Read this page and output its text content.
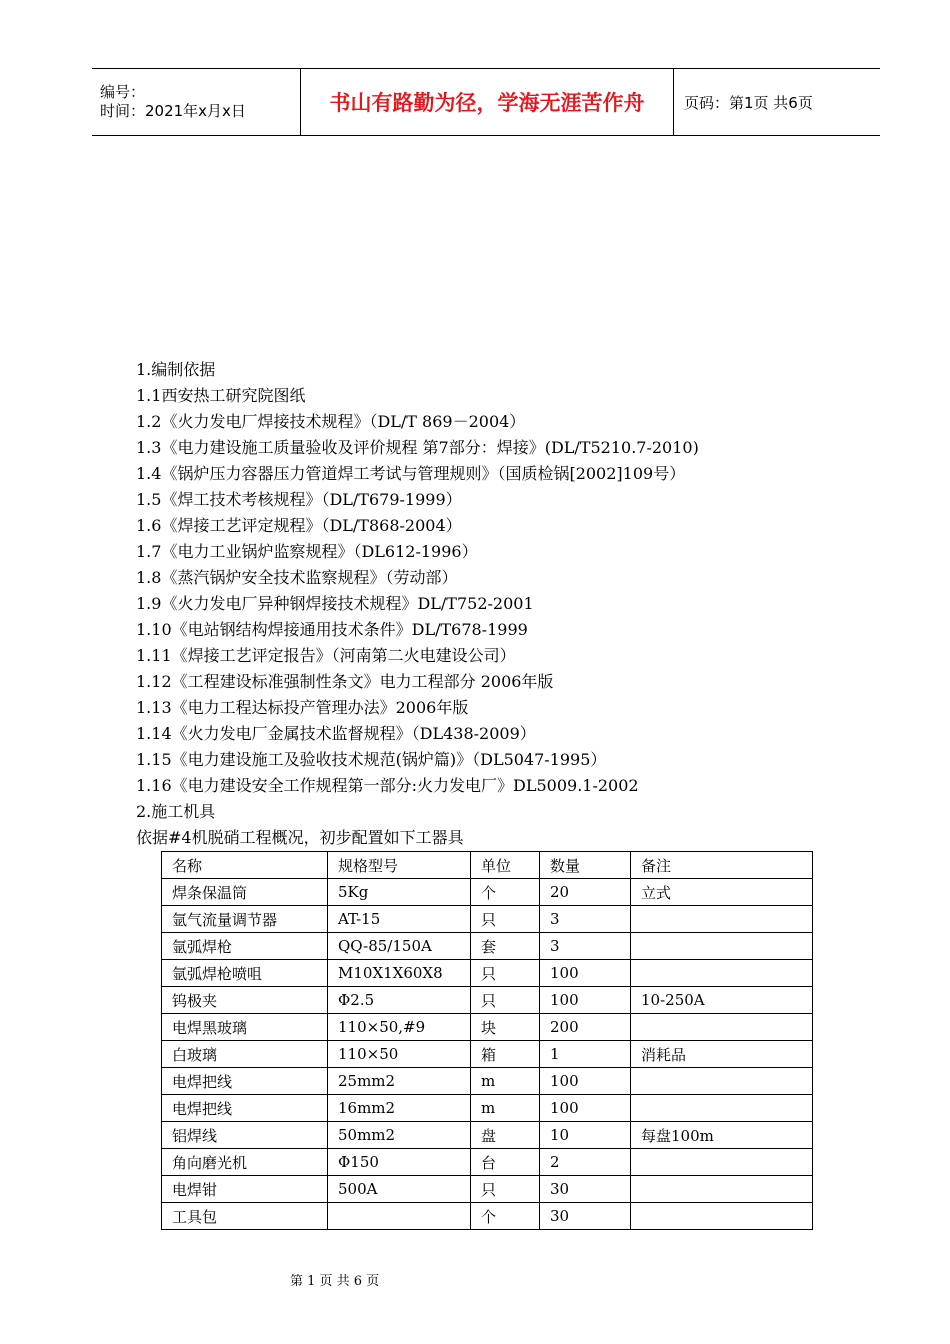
编号：
时间：2021年x月x日	书山有路勤为径，学海无涯苦作舟	页码：第1页 共6页
1.编制依据
1.1西安热工研究院图纸
1.2《火力发电厂焊接技术规程》（DL/T 869－2004）
1.3《电力建设施工质量验收及评价规程 第7部分：焊接》(DL/T5210.7-2010)
1.4《锅炉压力容器压力管道焊工考试与管理规则》（国质检锅[2002]109号）
1.5《焊工技术考核规程》（DL/T679-1999）
1.6《焊接工艺评定规程》（DL/T868-2004）
1.7《电力工业锅炉监察规程》（DL612-1996）
1.8《蒸汽锅炉安全技术监察规程》（劳动部）
1.9《火力发电厂异种钢焊接技术规程》DL/T752-2001
1.10《电站钢结构焊接通用技术条件》DL/T678-1999
1.11《焊接工艺评定报告》（河南第二火电建设公司）
1.12《工程建设标准强制性条文》电力工程部分 2006年版
1.13《电力工程达标投产管理办法》2006年版
1.14《火力发电厂金属技术监督规程》（DL438-2009）
1.15《电力建设施工及验收技术规范(锅炉篇)》（DL5047-1995）
1.16《电力建设安全工作规程第一部分:火力发电厂》DL5009.1-2002
2.施工机具
依据#4机脱硝工程概况，初步配置如下工器具
名称	规格型号	单位	数量	备注
焊条保温筒	5Kg	个	20	立式
氩气流量调节器	AT-15	只	3	
氩弧焊枪	QQ-85/150A	套	3	
氩弧焊枪喷咀	M10X1X60X8	只	100	
钨极夹	Φ2.5	只	100	10-250A
电焊黑玻璃	110×50,#9	块	200	
白玻璃	110×50	箱	1	消耗品
电焊把线	25mm2	m	100	
电焊把线	16mm2	m	100	
铝焊线	50mm2	盘	10	每盘100m
角向磨光机	Φ150	台	2	
电焊钳	500A	只	30	
工具包		个	30	
第 1 页 共 6 页
